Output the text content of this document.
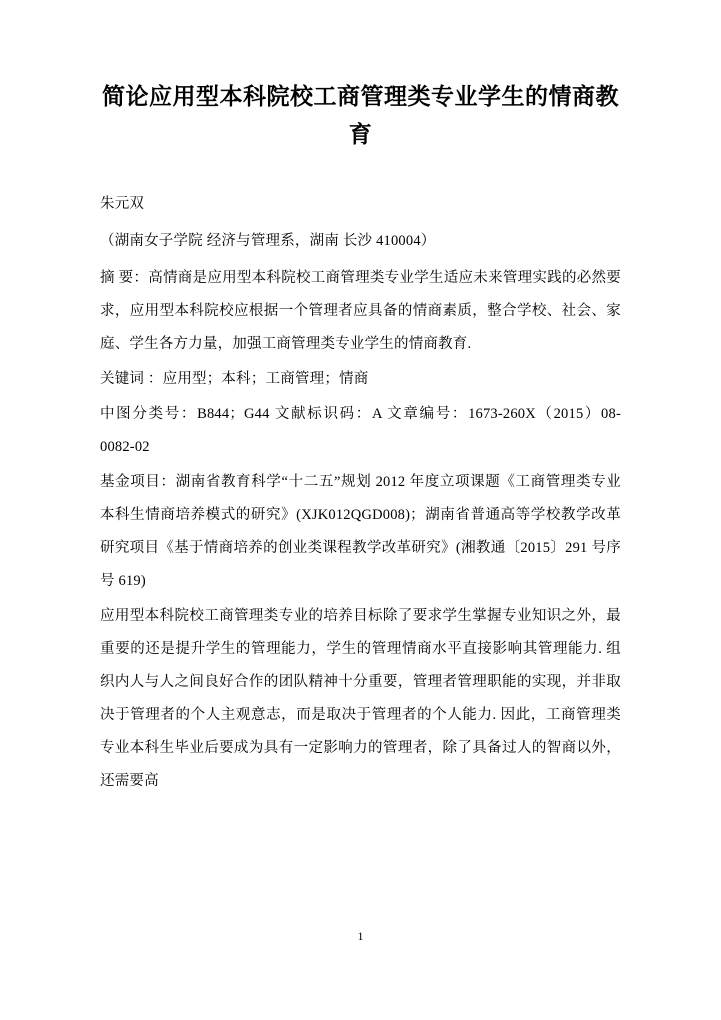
简论应用型本科院校工商管理类专业学生的情商教育

朱元双

（湖南女子学院 经济与管理系，湖南 长沙 410004）

摘 要：高情商是应用型本科院校工商管理类专业学生适应未来管理实践的必然要求，应用型本科院校应根据一个管理者应具备的情商素质，整合学校、社会、家庭、学生各方力量，加强工商管理类专业学生的情商教育.

关键词 ：应用型；本科；工商管理；情商

中图分类号：B844；G44 文献标识码：A 文章编号：1673-260X（2015）08-0082-02

基金项目：湖南省教育科学“十二五”规划 2012 年度立项课题《工商管理类专业本科生情商培养模式的研究》(XJK012QGD008)；湖南省普通高等学校教学改革研究项目《基于情商培养的创业类课程教学改革研究》(湘教通〔2015〕291 号序号 619)

应用型本科院校工商管理类专业的培养目标除了要求学生掌握专业知识之外，最重要的还是提升学生的管理能力，学生的管理情商水平直接影响其管理能力. 组织内人与人之间良好合作的团队精神十分重要，管理者管理职能的实现，并非取决于管理者的个人主观意志，而是取决于管理者的个人能力. 因此，工商管理类专业本科生毕业后要成为具有一定影响力的管理者，除了具备过人的智商以外，还需要高

1
